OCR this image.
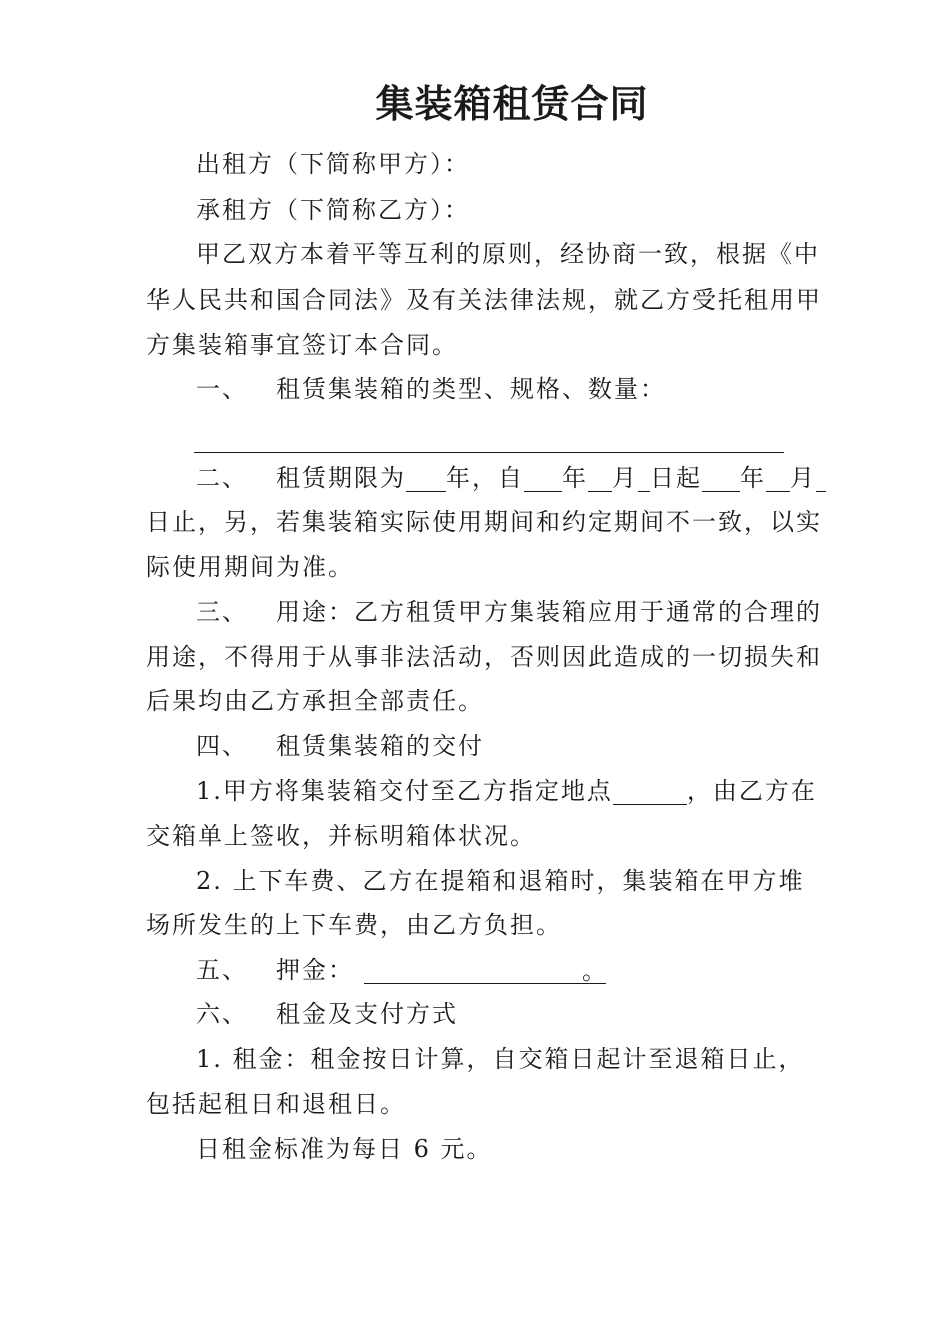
集装箱租赁合同
出租方（下简称甲方）：
承租方（下简称乙方）：
甲乙双方本着平等互利的原则，经协商一致，根据《中
华人民共和国合同法》及有关法律法规，就乙方受托租用甲
方集装箱事宜签订本合同。
一、 租赁集装箱的类型、规格、数量：
二、 租赁期限为 年，自 年 月 日起 年 月
日止，另，若集装箱实际使用期间和约定期间不一致，以实
际使用期间为准。
三、 用途：乙方租赁甲方集装箱应用于通常的合理的
用途，不得用于从事非法活动，否则因此造成的一切损失和
后果均由乙方承担全部责任。
四、 租赁集装箱的交付
1.甲方将集装箱交付至乙方指定地点	，由乙方在
交箱单上签收，并标明箱体状况。
2. 上下车费、乙方在提箱和退箱时，集装箱在甲方堆
场所发生的上下车费，由乙方负担。
五、 押金：	。
六、 租金及支付方式
1. 租金：租金按日计算，自交箱日起计至退箱日止，
包括起租日和退租日。
日租金标准为每日 6 元。
